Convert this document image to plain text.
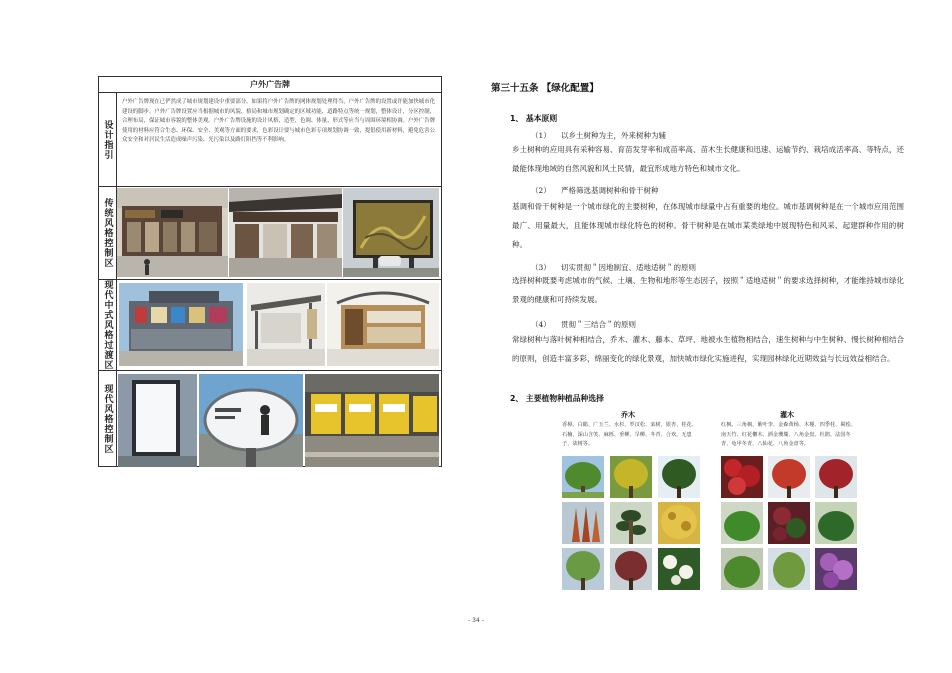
户外广告牌
设计指引
户外广告牌现在已俨然成了城市规划建设中重要部分，如果将户外广告牌的网体规划处理得当，户外广告牌的设置或许能加快城市化建设的脚步。户外广告牌设置应当根据城市的风貌、格局和城市规划确定的区域功能、道路特点等统一规划，整体设计，分区控制，合理布局，保证城市容貌的整体美观。户外广告牌设施的设计风格、造型、色调、体量、形式等应当与周围环境相协调。户外广告牌使用的材料应符合生态、环保、安全、美观等方面的要求，色彩设计要与城市色彩专项规划协调一致，提倡使用新材料，避免危害公众安全和对居民生活造成噪声污染、光污染以及路灯阻挡等不利影响。
传统风格控制区
现代中式风格过渡区
现代风格控制区
第三十五条 【绿化配置】
1、 基本原则
（1） 以乡土树种为主，外来树种为辅
乡土树种的应用具有采种容易、育苗发芽率和成苗率高、苗木生长健康和迅速、运输节约、栽培成活率高、等特点，还最能体现地域的自然风貌和风土民情，最宜形成地方特色和城市文化。
（2） 严格筛选基调树种和骨干树种
基调和骨干树种是一个城市绿化的主要树种，在体现城市绿量中占有重要的地位。城市基调树种是在一个城市应用范围最广、用量最大，且能体现城市绿化特色的树种。骨干树种是在城市某类绿地中展现特色和风采、起建群种作用的树种。
（3） 切实贯彻＂因地制宜、适地适树＂的原则
选择树种既要考虑城市的气候、土壤、生物和地形等生态因子，按照＂适地适树＂的要求选择树种，才能维持城市绿化景观的健康和可持续发展。
（4） 贯彻＂三结合＂的原则
常绿树种与落叶树种相结合，乔木、灌木、藤本、草坪、地被水生植物相结合，速生树种与中生树种、慢长树种相结合的原则，创造丰富多彩，绵丽变化的绿化景观，加快城市绿化实施进程，实现园林绿化近期效益与长远效益相结合。
2、 主要植物种植品种选择
乔木
香樟、白蜡、广玉兰、水杉、罗汉松、栾树、银杏、桂花、石楠、深山含笑、麻栎、垂柳、旱柳、冬青、合欢、无患子、柒树等。
灌木
红枫、三角枫、紫叶李、金森黄杨、木槿、四季桂、蜀桧、南天竹、红花檵木、洒金珊瑚、八角金盘、杜鹃、法国冬青、龟甲冬青、八仙花、八角金盘等。
- 34 -
